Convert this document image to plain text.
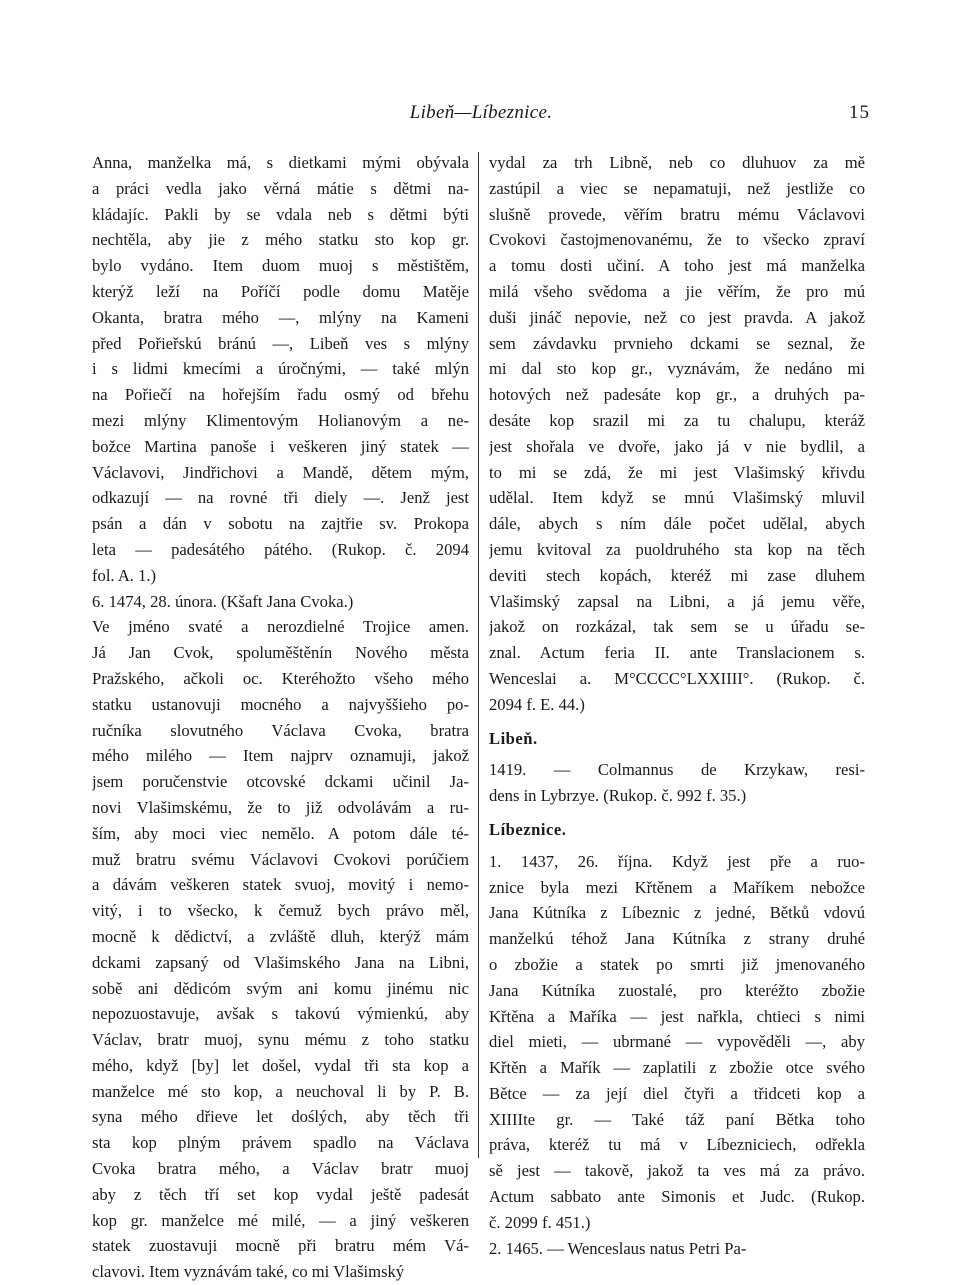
Libeň—Líbeznice.	15
Anna, manželka má, s dietkami mými obývala
a práci vedla jako věrná mátie s dětmi na-
kládajíc. Pakli by se vdala neb s dětmi býti
nechtěla, aby jie z mého statku sto kop gr.
bylo vydáno. Item duom muoj s městištěm,
kterýž leží na Poříčí podle domu Matěje
Okanta, bratra mého —, mlýny na Kameni
před Pořieřskú bránú —, Libeň ves s mlýny
i s lidmi kmecími a úročnými, — také mlýn
na Pořiečí na hořejším řadu osmý od břehu
mezi mlýny Klimentovým Holianovým a ne-
božce Martina panoše i veškeren jiný statek —
Václavovi, Jindřichovi a Mandě, dětem mým,
odkazují — na rovné tři diely —. Jenž jest
psán a dán v sobotu na zajtřie sv. Prokopa
leta — padesátého pátého. (Rukop. č. 2094
fol. A. 1.)
6. 1474, 28. února. (Kšaft Jana Cvoka.)
Ve jméno svaté a nerozdielné Trojice amen.
Já Jan Cvok, spoluměštěnín Nového města
Pražského, ačkoli oc. Kteréhožto všeho mého
statku ustanovuji mocného a najvyššieho po-
ručníka slovutného Václava Cvoka, bratra
mého milého — Item najprv oznamuji, jakož
jsem poručenstvie otcovské dckami učinil Ja-
novi Vlašimskému, že to již odvolávám a ru-
ším, aby moci viec nemělo. A potom dále té-
muž bratru svému Václavovi Cvokovi porúčiem
a dávám veškeren statek svuoj, movitý i nemo-
vitý, i to všecko, k čemuž bych právo měl,
mocně k dědictví, a zvláště dluh, kterýž mám
dckami zapsaný od Vlašimského Jana na Libni,
sobě ani dědicóm svým ani komu jinému nic
nepozuostavuje, avšak s takovú výmienkú, aby
Václav, bratr muoj, synu mému z toho statku
mého, když [by] let došel, vydal tři sta kop a
manželce mé sto kop, a neuchoval li by P. B.
syna mého dřieve let doślých, aby těch tři
sta kop plným právem spadlo na Václava
Cvoka bratra mého, a Václav bratr muoj
aby z těch tří set kop vydal ještě padesát
kop gr. manželce mé milé, — a jiný veškeren
statek zuostavuji mocně při bratru mém Vá-
clavovi. Item vyznávám také, co mi Vlašimský
vydal za trh Libně, neb co dluhuov za mě
zastúpil a viec se nepamatuji, než jestliže co
slušně provede, věřím bratru mému Václavovi
Cvokovi častojmenovanému, že to všecko zpraví
a tomu dosti učiní. A toho jest má manželka
milá všeho svědoma a jie věřím, že pro mú
duši jináč nepovie, než co jest pravda. A jakož
sem závdavku prvnieho dckami se seznal, že
mi dal sto kop gr., vyznávám, že nedáno mi
hotových než padesáte kop gr., a druhých pa-
desáte kop srazil mi za tu chalupu, kteráž
jest shořala ve dvoře, jako já v nie bydlil, a
to mi se zdá, že mi jest Vlašimský křivdu
udělal. Item když se mnú Vlašimský mluvil
dále, abych s ním dále počet udělal, abych
jemu kvitoval za puoldruhého sta kop na těch
deviti stech kopách, kteréž mi zase dluhem
Vlašimský zapsal na Libni, a já jemu věře,
jakož on rozkázal, tak sem se u úřadu se-
znal. Actum feria II. ante Translacionem s.
Wenceslai a. M°CCCC°LXXIIII°. (Rukop. č.
2094 f. E. 44.)
Libeň.
1419. — Colmannus de Krzykaw, resi-
dens in Lybrzye. (Rukop. č. 992 f. 35.)
Líbeznice.
1. 1437, 26. října. Když jest pře a ruo-
znice byla mezi Křtěnem a Maříkem nebožce
Jana Kútníka z Líbeznic z jedné, Bětků vdovú
manželkú téhož Jana Kútníka z strany druhé
o zbožie a statek po smrti již jmenovaného
Jana Kútníka zuostalé, pro kteréžto zbožie
Křtěna a Maříka — jest nařkla, chtieci s nimi
diel mieti, — ubrmané — vypověděli —, aby
Křtěn a Mařík — zaplatili z zbožie otce svého
Bětce — za její diel čtyři a třidceti kop a
XIIIIte gr. — Také táž paní Bětka toho
práva, kteréž tu má v Líbezniciech, odřekla
sě jest — takově, jakož ta ves má za právo.
Actum sabbato ante Simonis et Judc. (Rukop.
č. 2099 f. 451.)
2. 1465. — Wenceslaus natus Petri Pa-
